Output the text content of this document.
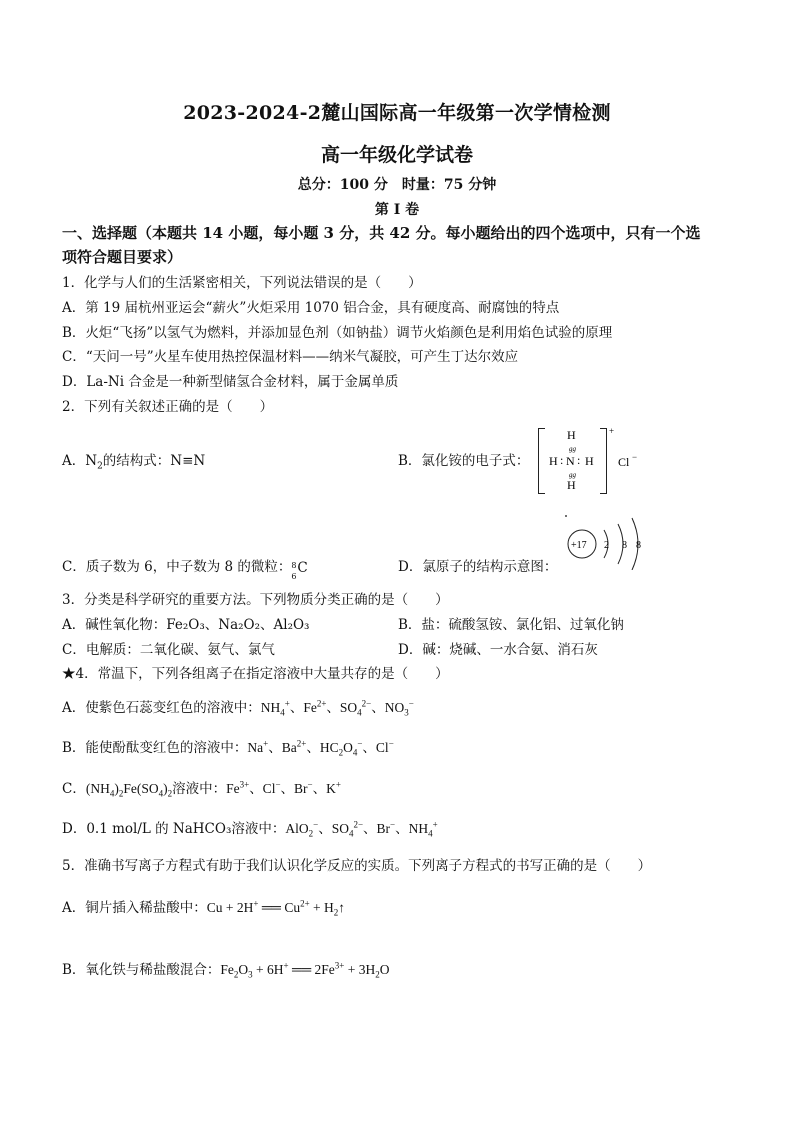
2023-2024-2麓山国际高一年级第一次学情检测
高一年级化学试卷
总分：100 分　时量：75 分钟
第 I 卷
一、选择题（本题共 14 小题，每小题 3 分，共 42 分。每小题给出的四个选项中，只有一个选
项符合题目要求）
1．化学与人们的生活紧密相关，下列说法错误的是（　　）
A．第 19 届杭州亚运会“薪火”火炬采用 1070 铝合金，具有硬度高、耐腐蚀的特点
B．火炬“飞扬”以氢气为燃料，并添加显色剂（如钠盐）调节火焰颜色是利用焰色试验的原理
C．“天问一号”火星车使用热控保温材料——纳米气凝胶，可产生丁达尔效应
D．La-Ni 合金是一种新型储氢合金材料，属于金属单质
2．下列有关叙述正确的是（　　）
A．$N_2$的结构式：N≡N	B．氯化铵的电子式：
H
gg
H : N : H
gg
H
+
Cl −
C．质子数为 6，中子数为 8 的微粒： 8
6
C	D．氯原子的结构示意图：
+17 2 8 8
3．分类是科学研究的重要方法。下列物质分类正确的是（　　）
A．碱性氧化物：Fe₂O₃、Na₂O₂、Al₂O₃	B．盐：硫酸氢铵、氯化铝、过氧化钠
C．电解质：二氧化碳、氨气、氯气	D．碱：烧碱、一水合氨、消石灰
★4．常温下，下列各组离子在指定溶液中大量共存的是（　　）
A．使紫色石蕊变红色的溶液中：$NH_4^+$、$Fe^{2+}$、$SO_4^{2-}$、$NO_3^-$
B．能使酚酞变红色的溶液中：Na+、$Ba^{2+}$、$HC_2O_4^-$、Cl−
C．$(NH_4)_2Fe(SO_4)_2$溶液中：$Fe^{3+}$、Cl−、Br−、K+
D．0.1 mol/L 的 NaHCO₃溶液中：AlO$_2$−、$SO_4^{2-}$、Br−、$NH_4^+$
5．准确书写离子方程式有助于我们认识化学反应的实质。下列离子方程式的书写正确的是（　　）
A．铜片插入稀盐酸中：Cu + 2H+ ══ $Cu^{2+}$ + $H_2↑$
B．氧化铁与稀盐酸混合：$Fe_2O_3 + 6H^+$ ══ $2Fe^{3+} + 3H_2O$
